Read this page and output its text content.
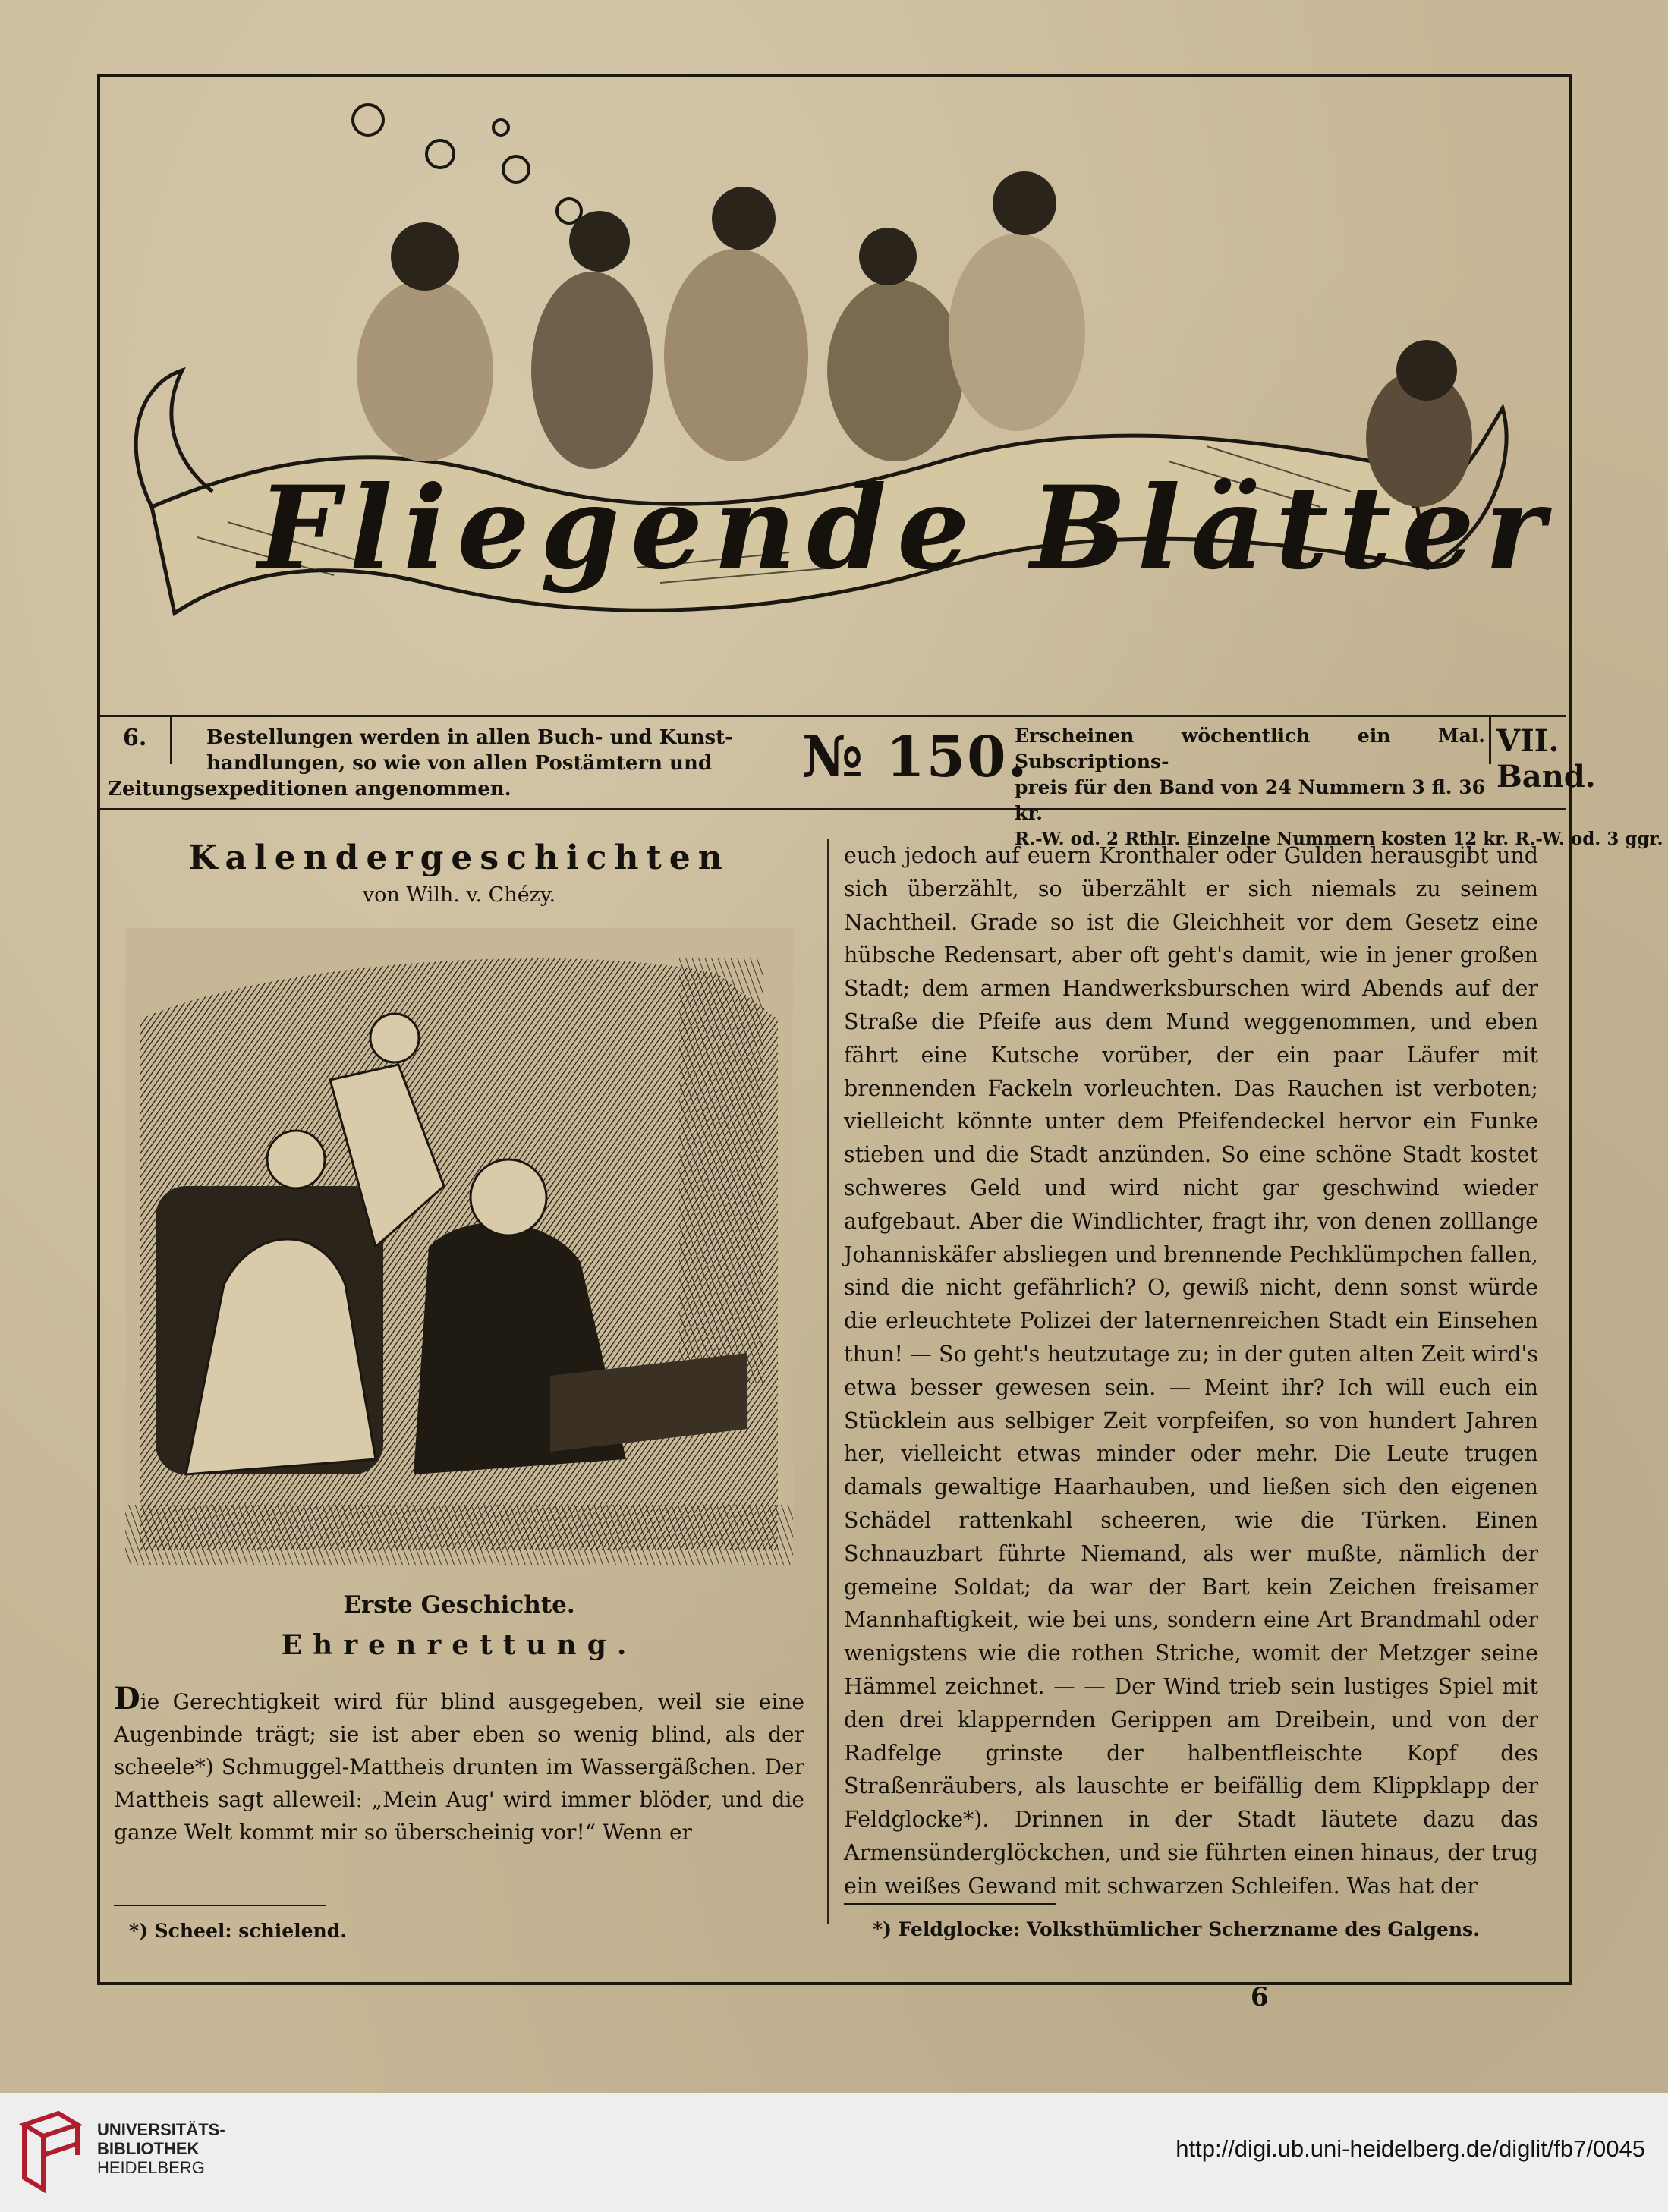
Fliegende Blätter
6.	Bestellungen werden in allen Buch- und Kunst-
handlungen, so wie von allen Postämtern und
Zeitungsexpeditionen angenommen.	№ 150.
Erscheinen wöchentlich ein Mal. Subscriptions-
preis für den Band von 24 Nummern 3 fl. 36 kr.
R.-W. od. 2 Rthlr. Einzelne Nummern kosten 12 kr. R.-W. od. 3 ggr.
VII. Band.
Kalendergeschichten
von Wilh. v. Chézy.
Erste Geschichte.
Ehrenrettung.

Die Gerechtigkeit wird für blind ausgegeben, weil sie eine Augenbinde trägt; sie ist aber eben so wenig blind, als der scheele*) Schmuggel-Mattheis drunten im Wassergäßchen. Der Mattheis sagt alleweil: „Mein Aug' wird immer blöder, und die ganze Welt kommt mir so überscheinig vor!“ Wenn er

euch jedoch auf euern Kronthaler oder Gulden herausgibt und sich überzählt, so überzählt er sich niemals zu seinem Nachtheil. Grade so ist die Gleichheit vor dem Gesetz eine hübsche Redensart, aber oft geht's damit, wie in jener großen Stadt; dem armen Handwerksburschen wird Abends auf der Straße die Pfeife aus dem Mund weggenommen, und eben fährt eine Kutsche vorüber, der ein paar Läufer mit brennenden Fackeln vorleuchten. Das Rauchen ist verboten; vielleicht könnte unter dem Pfeifendeckel hervor ein Funke stieben und die Stadt anzünden. So eine schöne Stadt kostet schweres Geld und wird nicht gar geschwind wieder aufgebaut. Aber die Windlichter, fragt ihr, von denen zolllange Johanniskäfer absliegen und brennende Pechklümpchen fallen, sind die nicht gefährlich? O, gewiß nicht, denn sonst würde die erleuchtete Polizei der laternenreichen Stadt ein Einsehen thun! — So geht's heutzutage zu; in der guten alten Zeit wird's etwa besser gewesen sein. — Meint ihr? Ich will euch ein Stücklein aus selbiger Zeit vorpfeifen, so von hundert Jahren her, vielleicht etwas minder oder mehr. Die Leute trugen damals gewaltige Haarhauben, und ließen sich den eigenen Schädel rattenkahl scheeren, wie die Türken. Einen Schnauzbart führte Niemand, als wer mußte, nämlich der gemeine Soldat; da war der Bart kein Zeichen freisamer Mannhaftigkeit, wie bei uns, sondern eine Art Brandmahl oder wenigstens wie die rothen Striche, womit der Metzger seine Hämmel zeichnet. — — Der Wind trieb sein lustiges Spiel mit den drei klappernden Gerippen am Dreibein, und von der Radfelge grinste der halbentfleischte Kopf des Straßenräubers, als lauschte er beifällig dem Klippklapp der Feldglocke*). Drinnen in der Stadt läutete dazu das Armensünderglöckchen, und sie führten einen hinaus, der trug ein weißes Gewand mit schwarzen Schleifen. Was hat der

*) Scheel: schielend.	*) Feldglocke: Volksthümlicher Scherzname des Galgens.
6
UNIVERSITÄTS-
BIBLIOTHEK
HEIDELBERG
http://digi.ub.uni-heidelberg.de/diglit/fb7/0045
